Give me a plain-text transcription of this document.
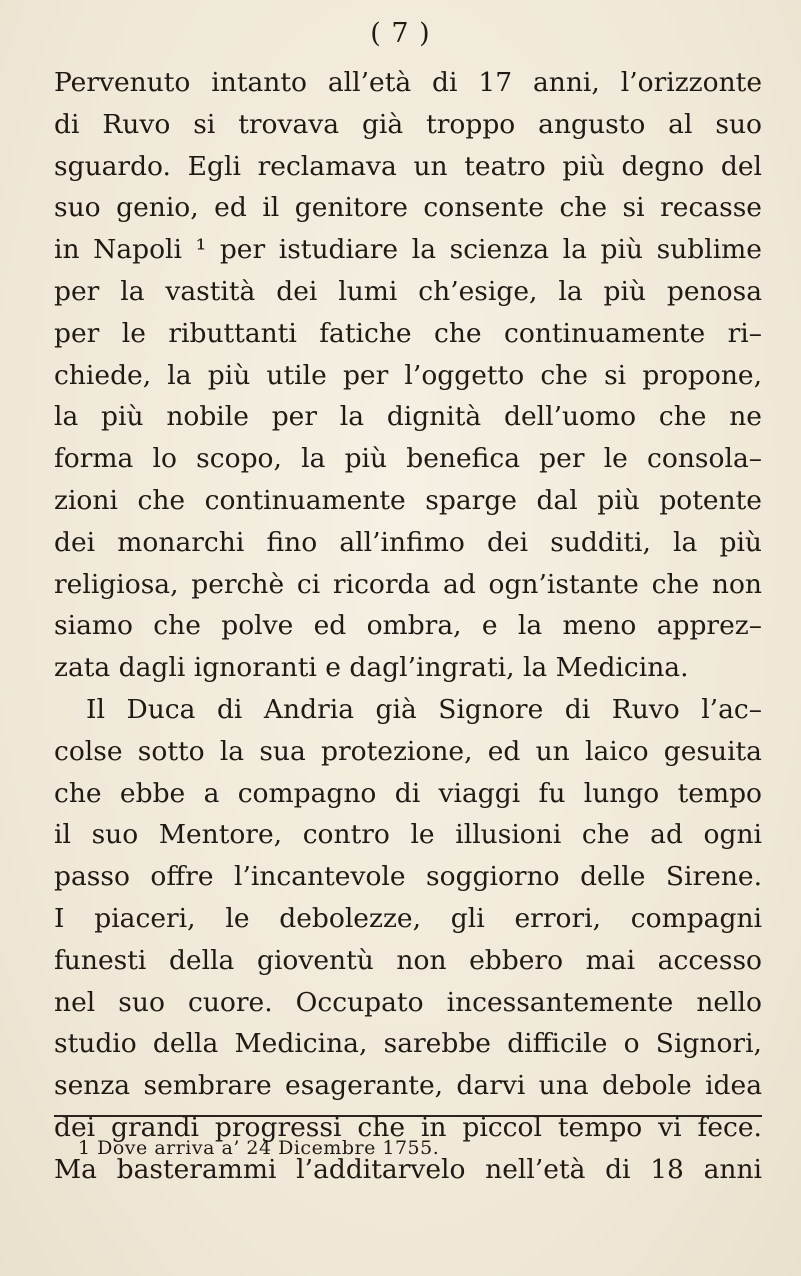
( 7 )
Pervenuto intanto all’età di 17 anni, l’orizzonte
di Ruvo si trovava già troppo angusto al suo
sguardo. Egli reclamava un teatro più degno del
suo genio, ed il genitore consente che si recasse
in Napoli ¹ per istudiare la scienza la più sublime
per la vastità dei lumi ch’esige, la più penosa
per le ributtanti fatiche che continuamente ri–
chiede, la più utile per l’oggetto che si propone,
la più nobile per la dignità dell’uomo che ne
forma lo scopo, la più benefica per le consola–
zioni che continuamente sparge dal più potente
dei monarchi fino all’infimo dei sudditi, la più
religiosa, perchè ci ricorda ad ogn’istante che non
siamo che polve ed ombra, e la meno apprez–
zata dagli ignoranti e dagl’ingrati, la Medicina.
Il Duca di Andria già Signore di Ruvo l’ac–
colse sotto la sua protezione, ed un laico gesuita
che ebbe a compagno di viaggi fu lungo tempo
il suo Mentore, contro le illusioni che ad ogni
passo offre l’incantevole soggiorno delle Sirene.
I piaceri, le debolezze, gli errori, compagni
funesti della gioventù non ebbero mai accesso
nel suo cuore. Occupato incessantemente nello
studio della Medicina, sarebbe difficile o Signori,
senza sembrare esagerante, darvi una debole idea
dei grandi progressi che in piccol tempo vi fece.
Ma basterammi l’additarvelo nell’età di 18 anni
1 Dove arriva a’ 24 Dicembre 1755.
